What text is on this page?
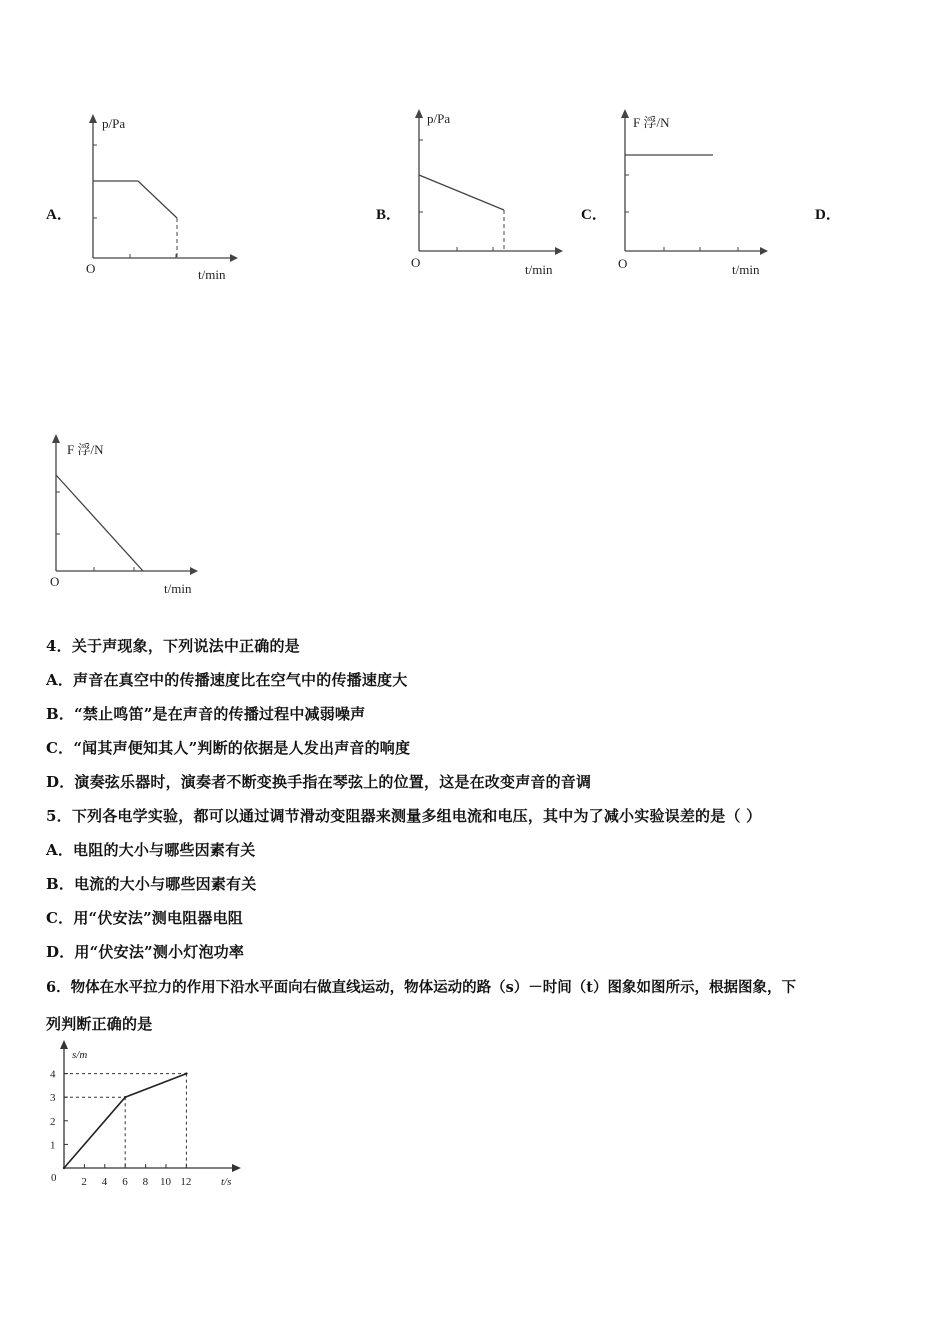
A．
p/Pa
O	t/min
B．
p/Pa
O	t/min
C．
F 浮/N
O	t/min
D．
F 浮/N
O	t/min
4．关于声现象，下列说法中正确的是
A．声音在真空中的传播速度比在空气中的传播速度大
B．“禁止鸣笛”是在声音的传播过程中减弱噪声
C．“闻其声便知其人”判断的依据是人发出声音的响度
D．演奏弦乐器时，演奏者不断变换手指在琴弦上的位置，这是在改变声音的音调
5．下列各电学实验，都可以通过调节滑动变阻器来测量多组电流和电压，其中为了减小实验误差的是（ ）
A．电阻的大小与哪些因素有关
B．电流的大小与哪些因素有关
C．用“伏安法”测电阻器电阻
D．用“伏安法”测小灯泡功率
6．物体在水平拉力的作用下沿水平面向右做直线运动，物体运动的路（s）－时间（t）图象如图所示，根据图象，下
列判断正确的是
1
2
3
4
2 4 6 8 10 12
0
s/m
t/s
